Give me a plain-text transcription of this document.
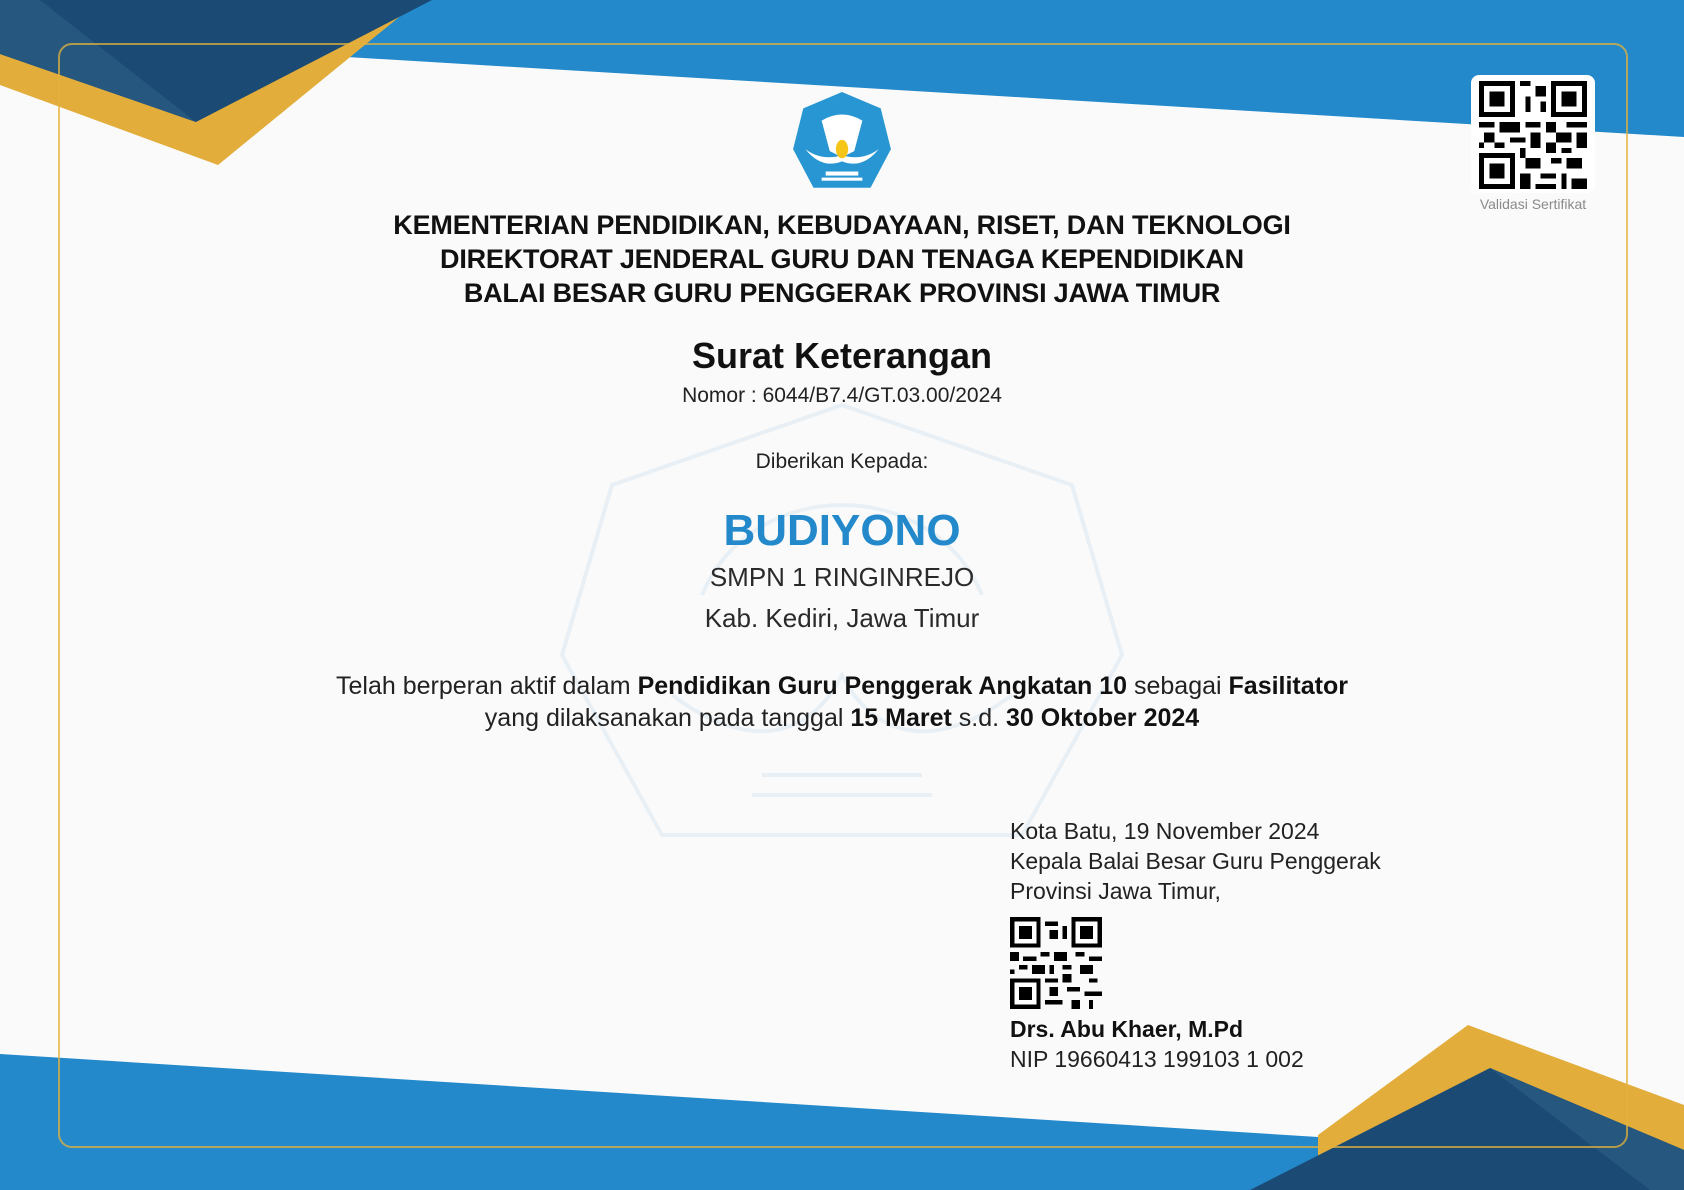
Validasi Sertifikat
KEMENTERIAN PENDIDIKAN, KEBUDAYAAN, RISET, DAN TEKNOLOGI
DIREKTORAT JENDERAL GURU DAN TENAGA KEPENDIDIKAN
BALAI BESAR GURU PENGGERAK PROVINSI JAWA TIMUR
Surat Keterangan
Nomor : 6044/B7.4/GT.03.00/2024
Diberikan Kepada:
BUDIYONO
SMPN 1 RINGINREJO
Kab. Kediri, Jawa Timur
Telah berperan aktif dalam Pendidikan Guru Penggerak Angkatan 10 sebagai Fasilitator
yang dilaksanakan pada tanggal 15 Maret s.d. 30 Oktober 2024
Kota Batu, 19 November 2024
Kepala Balai Besar Guru Penggerak
Provinsi Jawa Timur,
Drs. Abu Khaer, M.Pd
NIP 19660413 199103 1 002
